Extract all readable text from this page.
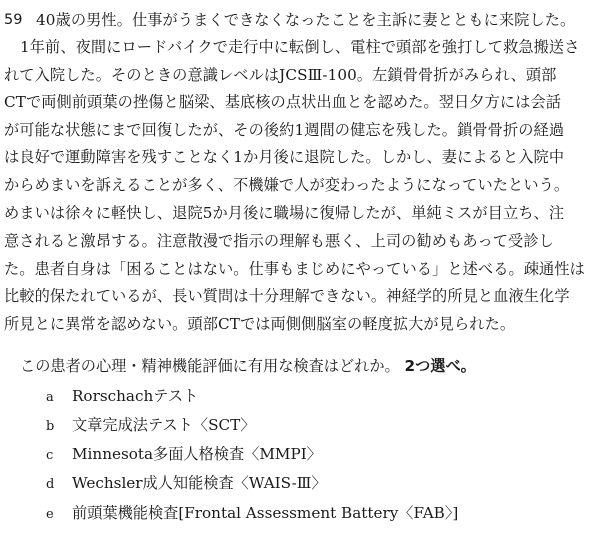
59 40歳の男性。仕事がうまくできなくなったことを主訴に妻とともに来院した。
1年前、夜間にロードバイクで走行中に転倒し、電柱で頭部を強打して救急搬送さ
れて入院した。そのときの意識レベルはJCSⅢ-100。左鎖骨骨折がみられ、頭部
CTで両側前頭葉の挫傷と脳梁、基底核の点状出血とを認めた。翌日夕方には会話
が可能な状態にまで回復したが、その後約1週間の健忘を残した。鎖骨骨折の経過
は良好で運動障害を残すことなく1か月後に退院した。しかし、妻によると入院中
からめまいを訴えることが多く、不機嫌で人が変わったようになっていたという。
めまいは徐々に軽快し、退院5か月後に職場に復帰したが、単純ミスが目立ち、注
意されると激昂する。注意散漫で指示の理解も悪く、上司の勧めもあって受診し
た。患者自身は「困ることはない。仕事もまじめにやっている」と述べる。疎通性は
比較的保たれているが、長い質問は十分理解できない。神経学的所見と血液生化学
所見とに異常を認めない。頭部CTでは両側側脳室の軽度拡大が見られた。
この患者の心理・精神機能評価に有用な検査はどれか。 2つ選べ。
a Rorschachテスト
b 文章完成法テスト〈SCT〉
c Minnesota多面人格検査〈MMPI〉
d Wechsler成人知能検査〈WAIS-Ⅲ〉
e 前頭葉機能検査[Frontal Assessment Battery〈FAB〉]
